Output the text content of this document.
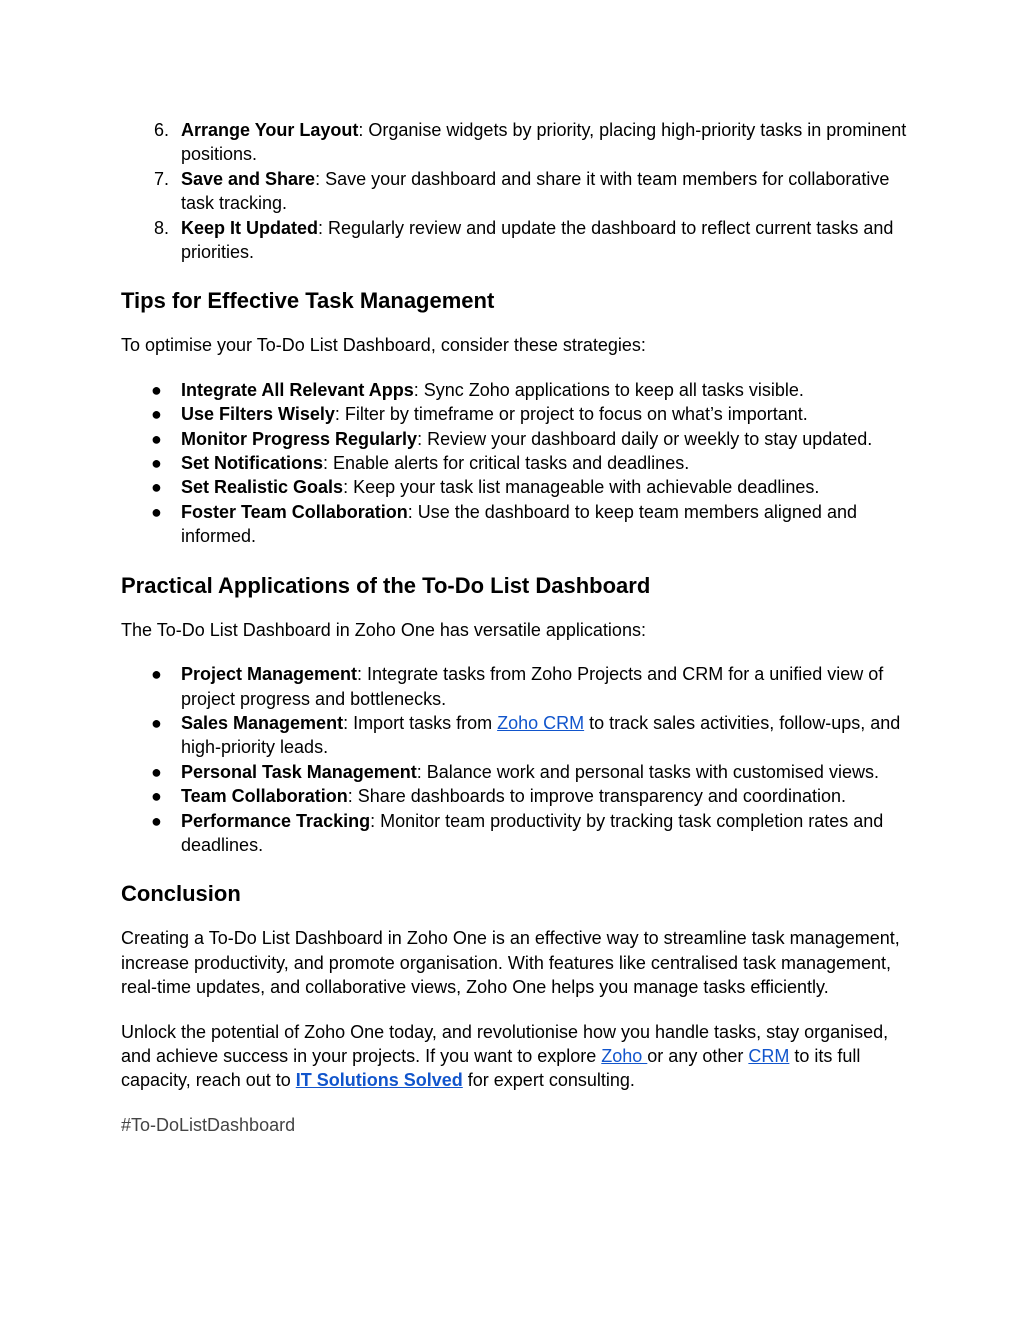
6. Arrange Your Layout: Organise widgets by priority, placing high-priority tasks in prominent positions.
7. Save and Share: Save your dashboard and share it with team members for collaborative task tracking.
8. Keep It Updated: Regularly review and update the dashboard to reflect current tasks and priorities.
Tips for Effective Task Management

To optimise your To-Do List Dashboard, consider these strategies:

● Integrate All Relevant Apps: Sync Zoho applications to keep all tasks visible.
● Use Filters Wisely: Filter by timeframe or project to focus on what’s important.
● Monitor Progress Regularly: Review your dashboard daily or weekly to stay updated.
● Set Notifications: Enable alerts for critical tasks and deadlines.
● Set Realistic Goals: Keep your task list manageable with achievable deadlines.
● Foster Team Collaboration: Use the dashboard to keep team members aligned and informed.
Practical Applications of the To-Do List Dashboard

The To-Do List Dashboard in Zoho One has versatile applications:

● Project Management: Integrate tasks from Zoho Projects and CRM for a unified view of project progress and bottlenecks.
● Sales Management: Import tasks from Zoho CRM to track sales activities, follow-ups, and high-priority leads.
● Personal Task Management: Balance work and personal tasks with customised views.
● Team Collaboration: Share dashboards to improve transparency and coordination.
● Performance Tracking: Monitor team productivity by tracking task completion rates and deadlines.
Conclusion

Creating a To-Do List Dashboard in Zoho One is an effective way to streamline task management, increase productivity, and promote organisation. With features like centralised task management, real-time updates, and collaborative views, Zoho One helps you manage tasks efficiently.

Unlock the potential of Zoho One today, and revolutionise how you handle tasks, stay organised, and achieve success in your projects. If you want to explore Zoho or any other CRM to its full capacity, reach out to IT Solutions Solved for expert consulting.

#To-DoListDashboard
